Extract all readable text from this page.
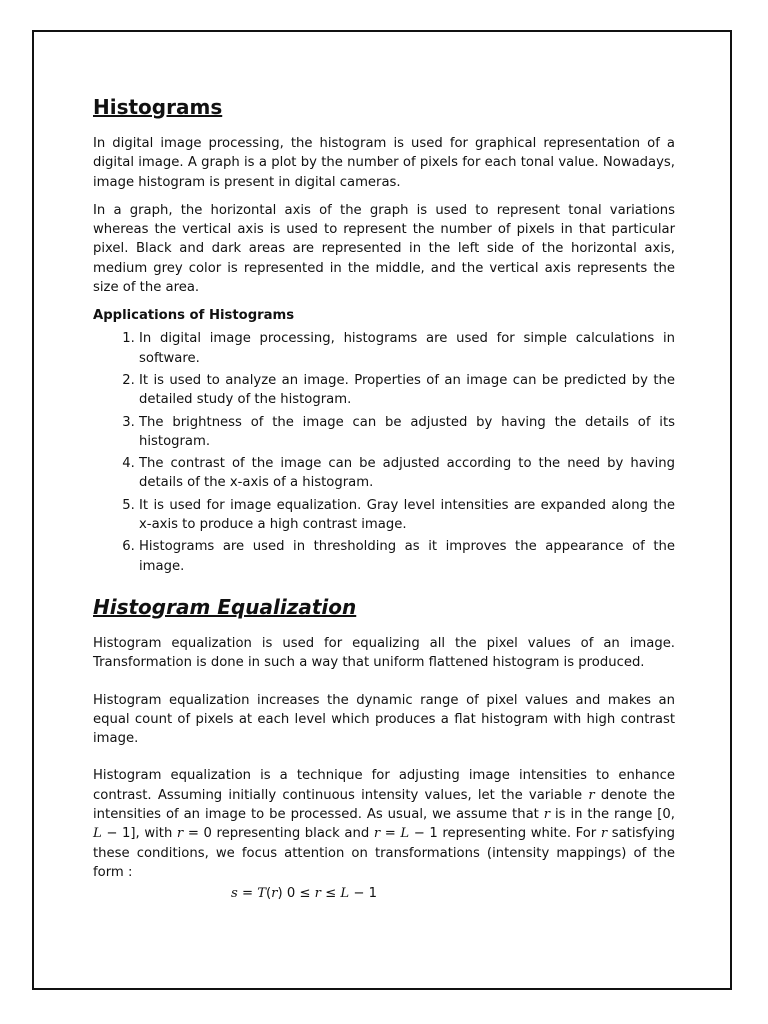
Histograms

In digital image processing, the histogram is used for graphical representation of a digital image. A graph is a plot by the number of pixels for each tonal value. Nowadays, image histogram is present in digital cameras.

In a graph, the horizontal axis of the graph is used to represent tonal variations whereas the vertical axis is used to represent the number of pixels in that particular pixel. Black and dark areas are represented in the left side of the horizontal axis, medium grey color is represented in the middle, and the vertical axis represents the size of the area.

Applications of Histograms
1. In digital image processing, histograms are used for simple calculations in software.
2. It is used to analyze an image. Properties of an image can be predicted by the detailed study of the histogram.
3. The brightness of the image can be adjusted by having the details of its histogram.
4. The contrast of the image can be adjusted according to the need by having details of the x-axis of a histogram.
5. It is used for image equalization. Gray level intensities are expanded along the x-axis to produce a high contrast image.
6. Histograms are used in thresholding as it improves the appearance of the image.
Histogram Equalization

Histogram equalization is used for equalizing all the pixel values of an image. Transformation is done in such a way that uniform flattened histogram is produced.

Histogram equalization increases the dynamic range of pixel values and makes an equal count of pixels at each level which produces a flat histogram with high contrast image.

Histogram equalization is a technique for adjusting image intensities to enhance contrast. Assuming initially continuous intensity values, let the variable r denote the intensities of an image to be processed. As usual, we assume that r is in the range [0, L − 1], with r = 0 representing black and r = L − 1 representing white. For r satisfying these conditions, we focus attention on transformations (intensity mappings) of the form :

s = T(r) 0 ≤ r ≤ L − 1
